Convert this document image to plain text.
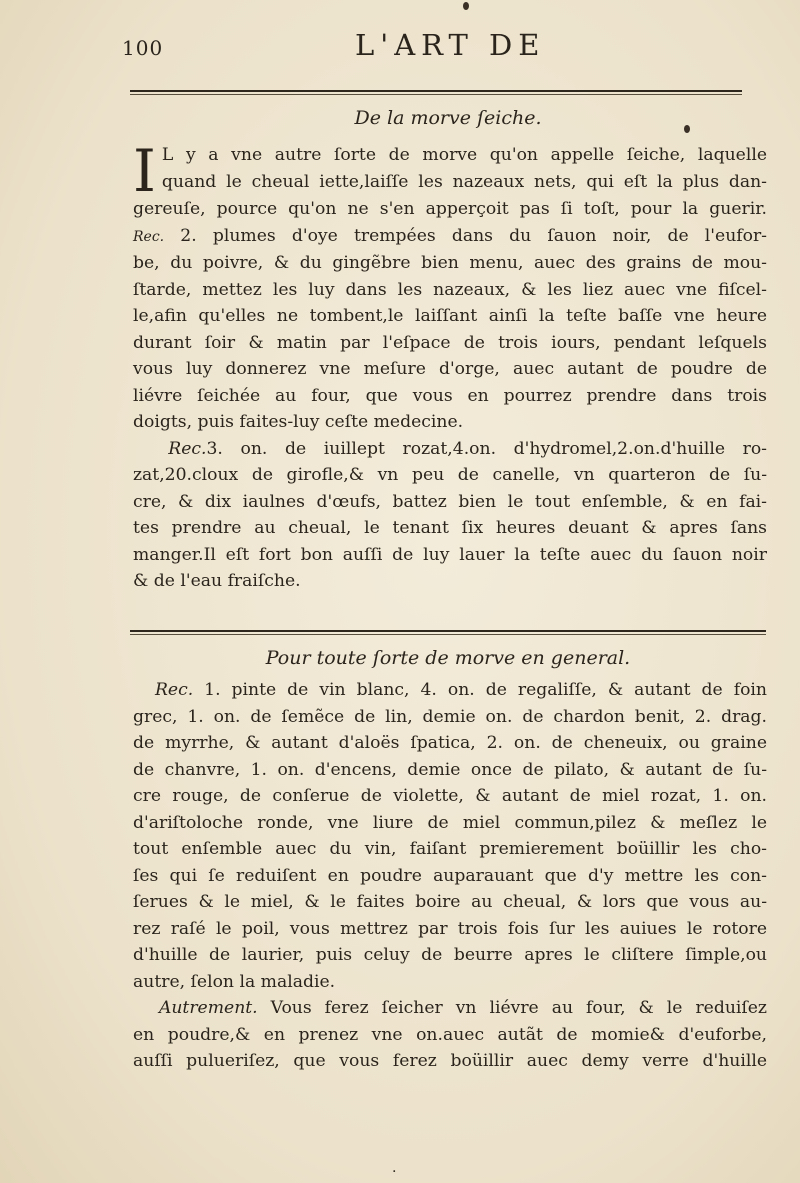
100	L'ART DE
De la morve ſeiche.
I L y a vne autre ſorte de morve qu'on appelle ſeiche, laquelle
quand le cheual iette,laiſſe les nazeaux nets, qui eſt la plus dan-
gereuſe, pource qu'on ne s'en apperçoit pas ſi toſt, pour la guerir.
Rec. 2. plumes d'oye trempées dans du ſauon noir, de l'eufor-
be, du poivre, & du gingẽbre bien menu, auec des grains de mou-
ſtarde, mettez les luy dans les nazeaux, & les liez auec vne fiſcel-
le,afin qu'elles ne tombent,le laiſſant ainſi la teſte baſſe vne heure
durant ſoir & matin par l'eſpace de trois iours, pendant leſquels
vous luy donnerez vne meſure d'orge, auec autant de poudre de
liévre ſeichée au four, que vous en pourrez prendre dans trois
doigts, puis faites-luy ceſte medecine.
Rec.3. on. de iuillept rozat,4.on. d'hydromel,2.on.d'huille ro-
zat,20.cloux de girofle,& vn peu de canelle, vn quarteron de ſu-
cre, & dix iaulnes d'œufs, battez bien le tout enſemble, & en fai-
tes prendre au cheual, le tenant ſix heures deuant & apres ſans
manger.Il eſt fort bon auſſi de luy lauer la teſte auec du ſauon noir
& de l'eau fraiſche.
Pour toute ſorte de morve en general.
Rec. 1. pinte de vin blanc, 4. on. de regaliſſe, & autant de foin
grec, 1. on. de ſemẽce de lin, demie on. de chardon benit, 2. drag.
de myrrhe, & autant d'aloës ſpatica, 2. on. de cheneuix, ou graine
de chanvre, 1. on. d'encens, demie once de pilato, & autant de ſu-
cre rouge, de conſerue de violette, & autant de miel rozat, 1. on.
d'ariſtoloche ronde, vne liure de miel commun,pilez & meſlez le
tout enſemble auec du vin, faiſant premierement boüillir les cho-
ſes qui ſe reduiſent en poudre auparauant que d'y mettre les con-
ſerues & le miel, & le faites boire au cheual, & lors que vous au-
rez raſé le poil, vous mettrez par trois fois ſur les auiues le rotore
d'huille de laurier, puis celuy de beurre apres le cliſtere ſimple,ou
autre, ſelon la maladie.
Autrement. Vous ferez ſeicher vn liévre au four, & le reduiſez
en poudre,& en prenez vne on.auec autãt de momie& d'euforbe,
auſſi pulueriſez, que vous ferez boüillir auec demy verre d'huille
.
